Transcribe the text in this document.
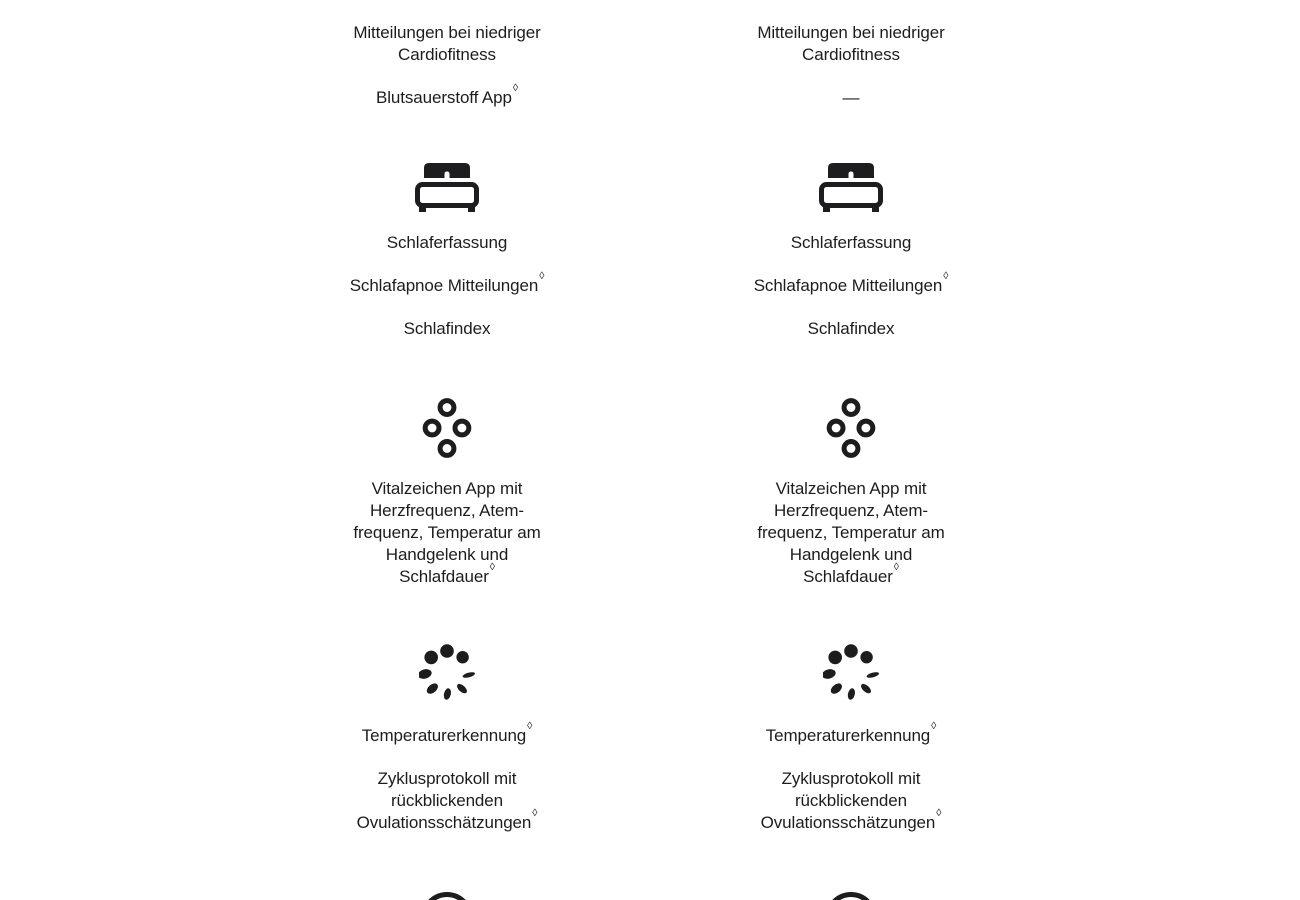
Mitteilungen bei niedriger
Cardiofitness

Blutsauerstoff App◊

Schlaferfassung

Schlafapnoe Mitteilungen◊

Schlafindex

Vitalzeichen App mit
Herzfrequenz, Atem-
frequenz, Temperatur am
Handgelenk und
Schlafdauer◊

Temperaturerkennung◊

Zyklusprotokoll mit
rückblickenden
Ovulationsschätzungen◊

Mitteilungen bei niedriger
Cardiofitness

—

Schlaferfassung

Schlafapnoe Mitteilungen◊

Schlafindex

Vitalzeichen App mit
Herzfrequenz, Atem-
frequenz, Temperatur am
Handgelenk und
Schlafdauer◊

Temperaturerkennung◊

Zyklusprotokoll mit
rückblickenden
Ovulationsschätzungen◊
